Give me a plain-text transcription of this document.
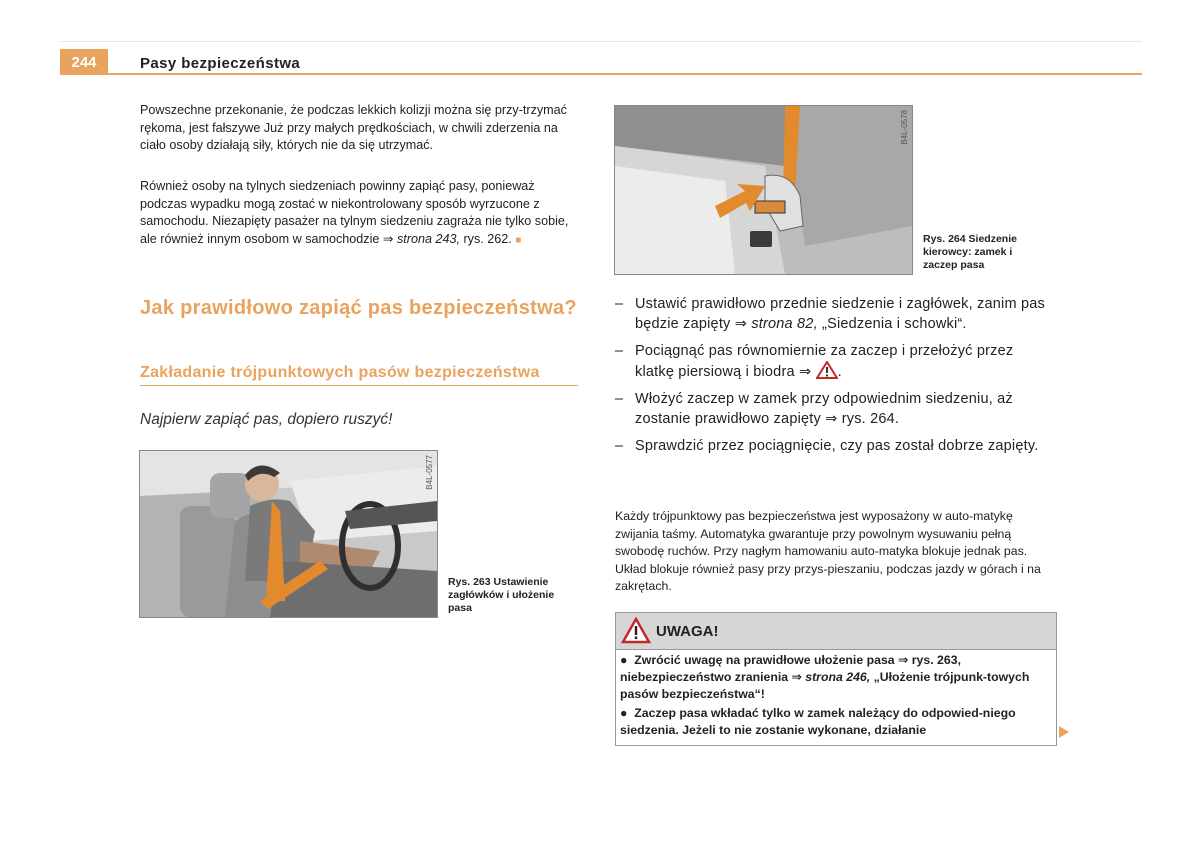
244	Pasy bezpieczeństwa

Powszechne przekonanie, że podczas lekkich kolizji można się przy-trzymać rękoma, jest fałszywe Już przy małych prędkościach, w chwili zderzenia na ciało osoby działają siły, których nie da się utrzymać.

Również osoby na tylnych siedzeniach powinny zapiąć pasy, ponieważ podczas wypadku mogą zostać w niekontrolowany sposób wyrzucone z samochodu. Niezapięty pasażer na tylnym siedzeniu zagraża nie tylko sobie, ale również innym osobom w samochodzie ⇒ strona 243, rys. 262. ■

Jak prawidłowo zapiąć pas bezpieczeństwa?
Zakładanie trójpunktowych pasów bezpieczeństwa
Najpierw zapiąć pas, dopiero ruszyć!
B4L-0577
Rys. 263 Ustawienie zagłówków i ułożenie pasa
B4L-0578
Rys. 264 Siedzenie kierowcy: zamek i zaczep pasa
– Ustawić prawidłowo przednie siedzenie i zagłówek, zanim pas będzie zapięty ⇒ strona 82, „Siedzenia i schowki“.
– Pociągnąć pas równomiernie za zaczep i przełożyć przez klatkę piersiową i biodra ⇒ .
– Włożyć zaczep w zamek przy odpowiednim siedzeniu, aż zostanie prawidłowo zapięty ⇒ rys. 264.
– Sprawdzić przez pociągnięcie, czy pas został dobrze zapięty.

Każdy trójpunktowy pas bezpieczeństwa jest wyposażony w auto-matykę zwijania taśmy. Automatyka gwarantuje przy powolnym wysuwaniu pełną swobodę ruchów. Przy nagłym hamowaniu auto-matyka blokuje jednak pas. Układ blokuje również pasy przy przys-pieszaniu, podczas jazdy w górach i na zakrętach.

UWAGA!
● Zwrócić uwagę na prawidłowe ułożenie pasa ⇒ rys. 263, niebezpieczeństwo zranienia ⇒ strona 246, „Ułożenie trójpunk-towych pasów bezpieczeństwa“!
● Zaczep pasa wkładać tylko w zamek należący do odpowied-niego siedzenia. Jeżeli to nie zostanie wykonane, działanie
